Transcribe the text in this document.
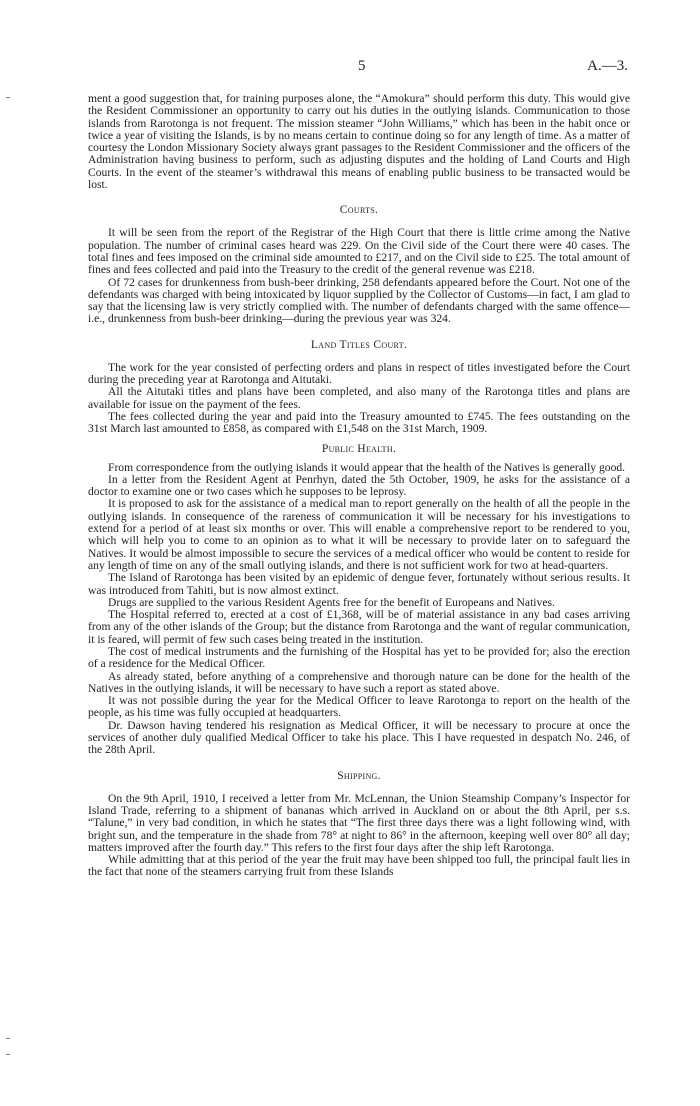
5	A.—3.

ment a good suggestion that, for training purposes alone, the “Amokura” should perform this duty. This would give the Resident Commissioner an opportunity to carry out his duties in the outlying islands. Communication to those islands from Rarotonga is not frequent. The mission steamer “John Williams,” which has been in the habit once or twice a year of visiting the Islands, is by no means certain to continue doing so for any length of time. As a matter of courtesy the London Missionary Society always grant passages to the Resident Commissioner and the officers of the Administration having business to perform, such as adjusting disputes and the holding of Land Courts and High Courts. In the event of the steamer’s withdrawal this means of enabling public business to be transacted would be lost.

Courts.

It will be seen from the report of the Registrar of the High Court that there is little crime among the Native population. The number of criminal cases heard was 229. On the Civil side of the Court there were 40 cases. The total fines and fees imposed on the criminal side amounted to £217, and on the Civil side to £25. The total amount of fines and fees collected and paid into the Treasury to the credit of the general revenue was £218.

Of 72 cases for drunkenness from bush-beer drinking, 258 defendants appeared before the Court. Not one of the defendants was charged with being intoxicated by liquor supplied by the Collector of Customs—in fact, I am glad to say that the licensing law is very strictly complied with. The number of defendants charged with the same offence—i.e., drunkenness from bush-beer drinking—during the previous year was 324.

Land Titles Court.

The work for the year consisted of perfecting orders and plans in respect of titles investigated before the Court during the preceding year at Rarotonga and Aitutaki.

All the Aitutaki titles and plans have been completed, and also many of the Rarotonga titles and plans are available for issue on the payment of the fees.

The fees collected during the year and paid into the Treasury amounted to £745. The fees outstanding on the 31st March last amounted to £858, as compared with £1,548 on the 31st March, 1909.

Public Health.

From correspondence from the outlying islands it would appear that the health of the Natives is generally good.

In a letter from the Resident Agent at Penrhyn, dated the 5th October, 1909, he asks for the assistance of a doctor to examine one or two cases which he supposes to be leprosy.

It is proposed to ask for the assistance of a medical man to report generally on the health of all the people in the outlying islands. In consequence of the rareness of communication it will be necessary for his investigations to extend for a period of at least six months or over. This will enable a comprehensive report to be rendered to you, which will help you to come to an opinion as to what it will be necessary to provide later on to safeguard the Natives. It would be almost impossible to secure the services of a medical officer who would be content to reside for any length of time on any of the small outlying islands, and there is not sufficient work for two at head-quarters.

The Island of Rarotonga has been visited by an epidemic of dengue fever, fortunately without serious results. It was introduced from Tahiti, but is now almost extinct.

Drugs are supplied to the various Resident Agents free for the benefit of Europeans and Natives.

The Hospital referred to, erected at a cost of £1,368, will be of material assistance in any bad cases arriving from any of the other islands of the Group; but the distance from Rarotonga and the want of regular communication, it is feared, will permit of few such cases being treated in the institution.

The cost of medical instruments and the furnishing of the Hospital has yet to be provided for; also the erection of a residence for the Medical Officer.

As already stated, before anything of a comprehensive and thorough nature can be done for the health of the Natives in the outlying islands, it will be necessary to have such a report as stated above.

It was not possible during the year for the Medical Officer to leave Rarotonga to report on the health of the people, as his time was fully occupied at headquarters.

Dr. Dawson having tendered his resignation as Medical Officer, it will be necessary to procure at once the services of another duly qualified Medical Officer to take his place. This I have requested in despatch No. 246, of the 28th April.

Shipping.

On the 9th April, 1910, I received a letter from Mr. McLennan, the Union Steamship Company’s Inspector for Island Trade, referring to a shipment of bananas which arrived in Auckland on or about the 8th April, per s.s. “Talune,” in very bad condition, in which he states that “The first three days there was a light following wind, with bright sun, and the temperature in the shade from 78° at night to 86° in the afternoon, keeping well over 80° all day; matters improved after the fourth day.” This refers to the first four days after the ship left Rarotonga.

While admitting that at this period of the year the fruit may have been shipped too full, the principal fault lies in the fact that none of the steamers carrying fruit from these Islands
